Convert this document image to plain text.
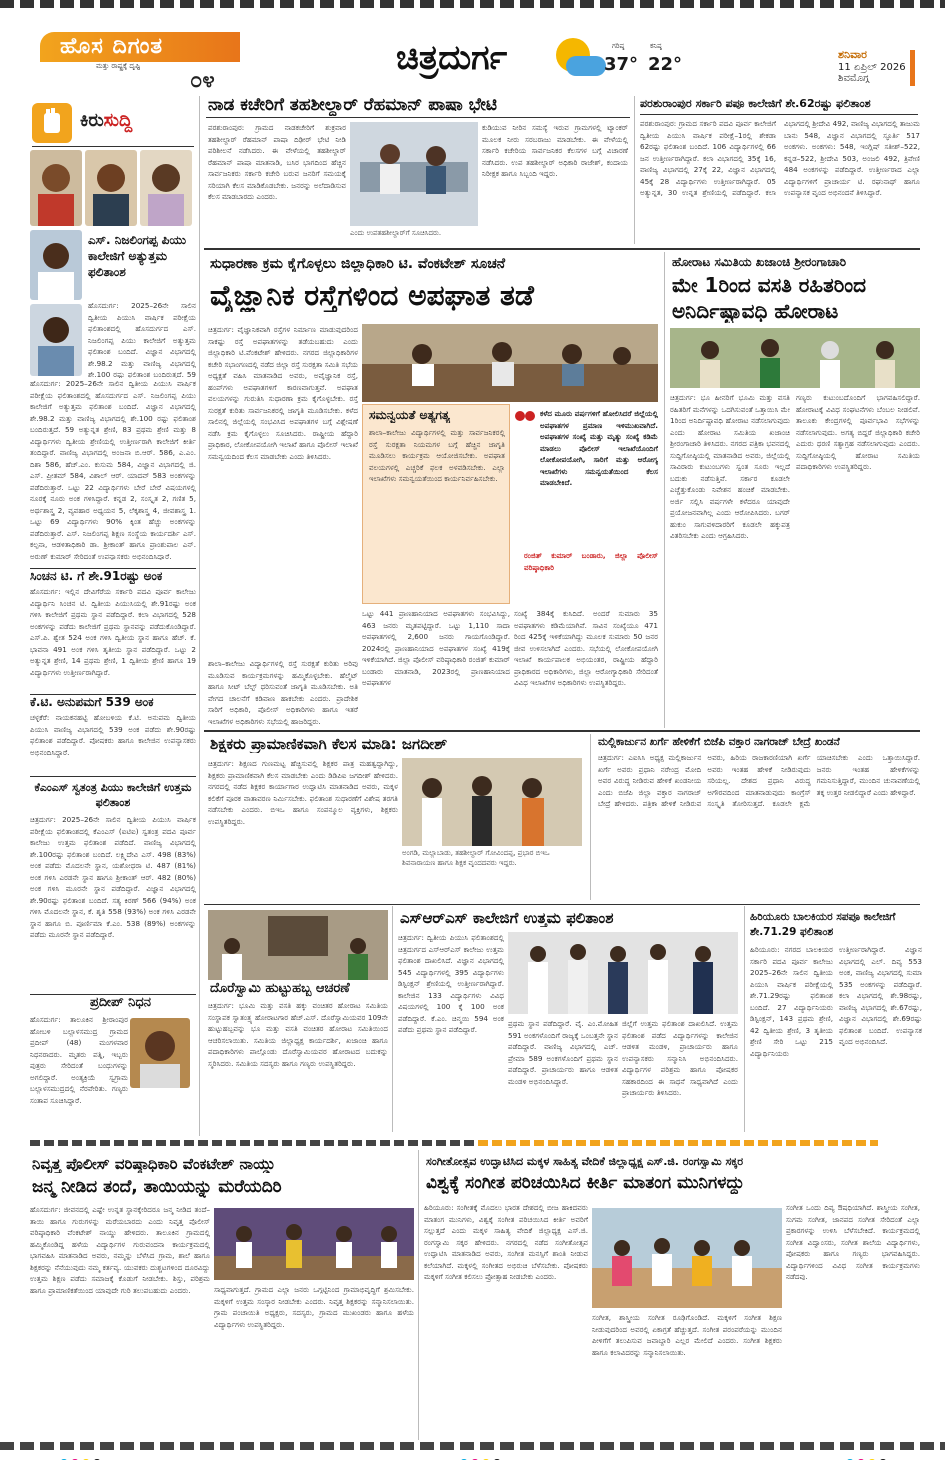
ಹೊಸ ದಿಗಂತ
ಮತ್ತು ರಾಷ್ಟ್ರಕ್ಕೆ ದೃಷ್ಟಿ
೦೪
ಚಿತ್ರದುರ್ಗ	ಗರಿಷ್ಠ
37°
ಕನಿಷ್ಠ
22°	ಶನಿವಾರ
11 ಏಪ್ರಿಲ್ 2026
ಶಿವಮೊಗ್ಗ
ಕಿರುಸುದ್ದಿ
ಎಸ್. ನಿಜಲಿಂಗಪ್ಪ ಪಿಯು ಕಾಲೇಜಿಗೆ ಅತ್ಯುತ್ತಮ ಫಲಿತಾಂಶ
ಹೊಸದುರ್ಗ: 2025–26ನೇ ಸಾಲಿನ ದ್ವಿತೀಯ ಪಿಯುಸಿ ವಾರ್ಷಿಕ ಪರೀಕ್ಷೆಯ ಫಲಿತಾಂಶದಲ್ಲಿ ಹೊಸದುರ್ಗದ ಎಸ್. ನಿಜಲಿಂಗಪ್ಪ ಪಿಯು ಕಾಲೇಜಿಗೆ ಅತ್ಯುತ್ತಮ ಫಲಿತಾಂಶ ಬಂದಿದೆ. ವಿಜ್ಞಾನ ವಿಭಾಗದಲ್ಲಿ ಶೇ.98.2 ಮತ್ತು ವಾಣಿಜ್ಯ ವಿಭಾಗದಲ್ಲಿ ಶೇ.100 ರಷ್ಟು ಫಲಿತಾಂಶ ಬಂದಿರುತ್ತದೆ. 59
ಹೊಸದುರ್ಗ: 2025–26ನೇ ಸಾಲಿನ ದ್ವಿತೀಯ ಪಿಯುಸಿ ವಾರ್ಷಿಕ ಪರೀಕ್ಷೆಯ ಫಲಿತಾಂಶದಲ್ಲಿ ಹೊಸದುರ್ಗದ ಎಸ್. ನಿಜಲಿಂಗಪ್ಪ ಪಿಯು ಕಾಲೇಜಿಗೆ ಅತ್ಯುತ್ತಮ ಫಲಿತಾಂಶ ಬಂದಿದೆ. ವಿಜ್ಞಾನ ವಿಭಾಗದಲ್ಲಿ ಶೇ.98.2 ಮತ್ತು ವಾಣಿಜ್ಯ ವಿಭಾಗದಲ್ಲಿ ಶೇ.100 ರಷ್ಟು ಫಲಿತಾಂಶ ಬಂದಿರುತ್ತದೆ. 59 ಅತ್ಯುನ್ನತ ಶ್ರೇಣಿ, 83 ಪ್ರಥಮ ಶ್ರೇಣಿ ಮತ್ತು 8 ವಿದ್ಯಾರ್ಥಿಗಳು ದ್ವಿತೀಯ ಶ್ರೇಣಿಯಲ್ಲಿ ಉತ್ತೀರ್ಣರಾಗಿ ಕಾಲೇಜಿಗೆ ಕೀರ್ತಿ ತಂದಿದ್ದಾರೆ. ವಾಣಿಜ್ಯ ವಿಭಾಗದಲ್ಲಿ ಅಂಜನಾ ಬಿ.ಆರ್. 586, ಎ.ಎಂ. ದಿಶಾ 586, ಹೆಚ್.ಎಂ. ಕುಸುಮ 584, ವಿಜ್ಞಾನ ವಿಭಾಗದಲ್ಲಿ ಜಿ. ಎಸ್. ಪ್ರೀತಮ್ 584, ವಿಶಾಲ್ ಆರ್. ಯಾದವ್ 583 ಅಂಕಗಳನ್ನು ಪಡೆದಿರುತ್ತಾರೆ. ಒಟ್ಟು 22 ವಿದ್ಯಾರ್ಥಿಗಳು ಬೇರೆ ಬೇರೆ ವಿಷಯಗಳಲ್ಲಿ ನೂರಕ್ಕೆ ನೂರು ಅಂಕ ಗಳಿಸಿದ್ದಾರೆ. ಕನ್ನಡ 2, ಸಂಸ್ಕೃತ 2, ಗಣಿತ 5, ಅರ್ಥಶಾಸ್ತ್ರ 2, ವ್ಯವಹಾರ ಅಧ್ಯಯನ 5, ಲೆಕ್ಕಶಾಸ್ತ್ರ 4, ಜೀವಶಾಸ್ತ್ರ 1. ಒಟ್ಟು 69 ವಿದ್ಯಾರ್ಥಿಗಳು 90% ಕ್ಕಿಂತ ಹೆಚ್ಚು ಅಂಕಗಳನ್ನು ಪಡೆದಿರುತ್ತಾರೆ. ಎಸ್. ನಿಜಲಿಂಗಪ್ಪ ಶಿಕ್ಷಣ ಸಂಸ್ಥೆಯ ಕಾರ್ಯದರ್ಶಿ ಎಸ್. ಕಲ್ಪನಾ, ಆಡಳಿತಾಧಿಕಾರಿ ಡಾ. ಶ್ರೀಕಾಂತ್ ಹಾಗೂ ಪ್ರಾಂಶುಪಾಲ ಎನ್. ಅರುಣ್ ಕುಮಾರ್ ಸೇರಿದಂತೆ ಉಪನ್ಯಾಸಕರು ಅಭಿನಂದಿಸಿದ್ದಾರೆ.
ಸಿಂಚನ ಟಿ. ಗೆ ಶೇ.91ರಷ್ಟು ಅಂಕ
ಹೊಸದುರ್ಗ: ಇಲ್ಲಿನ ದೇವಿಗೆರೆಯ ಸರ್ಕಾರಿ ಪದವಿ ಪೂರ್ವ ಕಾಲೇಜು ವಿದ್ಯಾರ್ಥಿನಿ ಸಿಂಚನ ಟಿ. ದ್ವಿತೀಯ ಪಿಯುಸಿಯಲ್ಲಿ ಶೇ.91ರಷ್ಟು ಅಂಕ ಗಳಿಸಿ ಕಾಲೇಜಿಗೆ ಪ್ರಥಮ ಸ್ಥಾನ ಪಡೆದಿದ್ದಾರೆ. ಕಲಾ ವಿಭಾಗದಲ್ಲಿ 528 ಅಂಕಗಳನ್ನು ಪಡೆದು ಕಾಲೇಜಿಗೆ ಪ್ರಥಮ ಸ್ಥಾನವನ್ನು ಪಡೆದುಕೊಂಡಿದ್ದಾರೆ. ಎಸ್.ಪಿ. ಶ್ವೇತ 524 ಅಂಕ ಗಳಿಸಿ ದ್ವಿತೀಯ ಸ್ಥಾನ ಹಾಗೂ ಹೆಚ್. ಕೆ. ಭಾವನಾ 491 ಅಂಕ ಗಳಿಸಿ ತೃತೀಯ ಸ್ಥಾನ ಪಡೆದಿದ್ದಾರೆ. ಒಟ್ಟು 2 ಅತ್ಯುನ್ನತ ಶ್ರೇಣಿ, 14 ಪ್ರಥಮ ಶ್ರೇಣಿ, 1 ದ್ವಿತೀಯ ಶ್ರೇಣಿ ಹಾಗೂ 19 ವಿದ್ಯಾರ್ಥಿಗಳು ಉತ್ತೀರ್ಣರಾಗಿದ್ದಾರೆ.
ಕೆ.ಟಿ. ಅನುಪಮಗೆ 539 ಅಂಕ
ಚಳ್ಳಕೆರೆ: ನಾಯಕನಹಟ್ಟಿ ಹೋಬಳಿಯ ಕೆ.ಟಿ. ಅನುಪಮ ದ್ವಿತೀಯ ಪಿಯುಸಿ ವಾಣಿಜ್ಯ ವಿಭಾಗದಲ್ಲಿ 539 ಅಂಕ ಪಡೆದು ಶೇ.90ರಷ್ಟು ಫಲಿತಾಂಶ ಪಡೆದಿದ್ದಾರೆ. ಪೋಷಕರು ಹಾಗೂ ಕಾಲೇಜಿನ ಉಪನ್ಯಾಸಕರು ಅಭಿನಂದಿಸಿದ್ದಾರೆ.
ಕೆಎಂಎಸ್ ಸ್ವತಂತ್ರ ಪಿಯು ಕಾಲೇಜಿಗೆ ಉತ್ತಮ ಫಲಿತಾಂಶ
ಚಿತ್ರದುರ್ಗ: 2025–26ನೇ ಸಾಲಿನ ದ್ವಿತೀಯ ಪಿಯುಸಿ ವಾರ್ಷಿಕ ಪರೀಕ್ಷೆಯ ಫಲಿತಾಂಶದಲ್ಲಿ ಕೆಎಂಎಸ್ (ಐಟಿಐ) ಸ್ವತಂತ್ರ ಪದವಿ ಪೂರ್ವ ಕಾಲೇಜು ಉತ್ತಮ ಫಲಿತಾಂಶ ಪಡೆದಿದೆ. ವಾಣಿಜ್ಯ ವಿಭಾಗದಲ್ಲಿ ಶೇ.100ರಷ್ಟು ಫಲಿತಾಂಶ ಬಂದಿದೆ. ಲಕ್ಷ್ಮಿದೇವಿ ಎಸ್. 498 (83%) ಅಂಕ ಪಡೆದು ಮೊದಲನೇ ಸ್ಥಾನ, ಯಶೋಧರಾ ಟಿ. 487 (81%) ಅಂಕ ಗಳಿಸಿ ಎರಡನೇ ಸ್ಥಾನ ಹಾಗೂ ಶ್ರೀಕಾಂತ್ ಆರ್. 482 (80%) ಅಂಕ ಗಳಿಸಿ ಮೂರನೇ ಸ್ಥಾನ ಪಡೆದಿದ್ದಾರೆ. ವಿಜ್ಞಾನ ವಿಭಾಗದಲ್ಲಿ ಶೇ.90ರಷ್ಟು ಫಲಿತಾಂಶ ಬಂದಿದೆ. ಸತ್ಯ ಕಿರಣ್ 566 (94%) ಅಂಕ ಗಳಿಸಿ ಮೊದಲನೇ ಸ್ಥಾನ, ಕೆ. ಶೃತಿ 558 (93%) ಅಂಕ ಗಳಿಸಿ ಎರಡನೇ ಸ್ಥಾನ ಹಾಗೂ ಬಿ. ಪೂರ್ಣಿಮಾ ಕೆ.ಎಂ. 538 (89%) ಅಂಕಗಳನ್ನು ಪಡೆದು ಮೂರನೇ ಸ್ಥಾನ ಪಡೆದಿದ್ದಾರೆ.
ಪ್ರದೀಪ್ ನಿಧನ
ಹೊಸದುರ್ಗ: ತಾಲೂಕಿನ ಶ್ರೀರಾಂಪುರ ಹೋಬಳಿ ಬಲ್ಲಾಳಸಮುದ್ರ ಗ್ರಾಮದ ಪ್ರದೀಪ್ (48) ಮಂಗಳವಾರ ನಿಧನರಾದರು. ಮೃತರು ಪತ್ನಿ, ಇಬ್ಬರು ಪುತ್ರರು ಸೇರಿದಂತೆ ಬಂಧುಗಳನ್ನು ಅಗಲಿದ್ದಾರೆ. ಅಂತ್ಯಕ್ರಿಯೆ ಸ್ವಗ್ರಾಮ ಬಲ್ಲಾಳಸಮುದ್ರದಲ್ಲಿ ನೆರವೇರಿತು. ಗಣ್ಯರು ಸಂತಾಪ ಸೂಚಿಸಿದ್ದಾರೆ.
ನಾಡ ಕಚೇರಿಗೆ ತಹಶೀಲ್ದಾರ್ ರೆಹಮಾನ್ ಪಾಷಾ ಭೇಟಿ
ಪರಶುರಾಂಪುರ: ಗ್ರಾಮದ ನಾಡಕಚೇರಿಗೆ ಶುಕ್ರವಾರ ತಹಶೀಲ್ದಾರ್ ರೆಹಮಾನ್ ಪಾಷಾ ದಿಢೀರ್ ಭೇಟಿ ನೀಡಿ ಪರಿಶೀಲನೆ ನಡೆಸಿದರು. ಈ ವೇಳೆಯಲ್ಲಿ ತಹಶೀಲ್ದಾರ್ ರೆಹಮಾನ್ ಪಾಷಾ ಮಾತನಾಡಿ, ಬಸಿರ ಭಾಗದಿಂದ ಹೆಚ್ಚಿನ ಸಾರ್ವಜನಿಕರು ಸರ್ಕಾರಿ ಕಚೇರಿ ಬರುವ ಜನರಿಗೆ ಸಮಯಕ್ಕೆ ಸರಿಯಾಗಿ ಕೆಲಸ ಮಾಡಿಕೊಡಬೇಕು. ಜನರನ್ನು ಅಲೆದಾಡಿಸುವ ಕೆಲಸ ಮಾಡಬಾರದು ಎಂದರು.
ಎಂದು ಉಪತಹಶೀಲ್ದಾರ್‌ಗೆ ಸೂಚಿಸಿದರು.
ಕುಡಿಯುವ ನೀರಿನ ಸಮಸ್ಯೆ ಇರುವ ಗ್ರಾಮಗಳಲ್ಲಿ ಟ್ಯಾಂಕರ್ ಮೂಲಕ ನೀರು ಸರಬರಾಜು ಮಾಡಬೇಕು. ಈ ವೇಳೆಯಲ್ಲಿ ಸರ್ಕಾರಿ ಕಚೇರಿಯ ಸಾರ್ವಜನಿಕರ ಕೆಲಸಗಳ ಬಗ್ಗೆ ವಿಚಾರಣೆ ನಡೆಸಿದರು. ಉಪ ತಹಶೀಲ್ದಾರ್ ಅಧಿಕಾರಿ ರಾಜೇಶ್, ಕಂದಾಯ ನಿರೀಕ್ಷಕ ಹಾಗೂ ಸಿಬ್ಬಂದಿ ಇದ್ದರು.
ಪರಶುರಾಂಪುರ ಸರ್ಕಾರಿ ಪಪೂ ಕಾಲೇಜಿಗೆ ಶೇ.62ರಷ್ಟು ಫಲಿತಾಂಶ
ಪರಶುರಾಂಪುರ: ಗ್ರಾಮದ ಸರ್ಕಾರಿ ಪದವಿ ಪೂರ್ವ ಕಾಲೇಜಿಗೆ ದ್ವಿತೀಯ ಪಿಯುಸಿ ವಾರ್ಷಿಕ ಪರೀಕ್ಷೆ–1ರಲ್ಲಿ ಶೇಕಡಾ 62ರಷ್ಟು ಫಲಿತಾಂಶ ಬಂದಿದೆ. 106 ವಿದ್ಯಾರ್ಥಿಗಳಲ್ಲಿ 66 ಜನ ಉತ್ತೀರ್ಣರಾಗಿದ್ದಾರೆ. ಕಲಾ ವಿಭಾಗದಲ್ಲಿ 35ಕ್ಕೆ 16, ವಾಣಿಜ್ಯ ವಿಭಾಗದಲ್ಲಿ 27ಕ್ಕೆ 22, ವಿಜ್ಞಾನ ವಿಭಾಗದಲ್ಲಿ 45ಕ್ಕೆ 28 ವಿದ್ಯಾರ್ಥಿಗಳು ಉತ್ತೀರ್ಣರಾಗಿದ್ದಾರೆ. 05 ಅತ್ಯುನ್ನತ, 30 ಉನ್ನತ ಶ್ರೇಣಿಯಲ್ಲಿ ಪಡೆದಿದ್ದಾರೆ. ಕಲಾ ವಿಭಾಗದಲ್ಲಿ ಶ್ರೀದೇವಿ 492, ವಾಣಿಜ್ಯ ವಿಭಾಗದಲ್ಲಿ ತಾಜುಮ ಬಾನು 548, ವಿಜ್ಞಾನ ವಿಭಾಗದಲ್ಲಿ ಸ್ಫೂರ್ತಿ 517 ಅಂಕಗಳು. ಅಂಕಗಳು: 548, ಇಂಗ್ಲಿಷ್ ಸತೀಶ್–522, ಕನ್ನಡ–522, ಶ್ರೀದೇವಿ 503, ಅಂಜಲಿ 492, ತ್ರಿವೇಣಿ 484 ಅಂಕಗಳನ್ನು ಪಡೆದಿದ್ದಾರೆ. ಉತ್ತೀರ್ಣರಾದ ಎಲ್ಲಾ ವಿದ್ಯಾರ್ಥಿಗಳಿಗೆ ಪ್ರಾಚಾರ್ಯ ಟಿ. ರಘುನಾಥ್ ಹಾಗೂ ಉಪನ್ಯಾಸಕ ವೃಂದ ಅಭಿನಂದನೆ ತಿಳಿಸಿದ್ದಾರೆ.
ಸುಧಾರಣಾ ಕ್ರಮ ಕೈಗೊಳ್ಳಲು ಜಿಲ್ಲಾಧಿಕಾರಿ ಟಿ. ವೆಂಕಟೇಶ್ ಸೂಚನೆ
ವೈಜ್ಞಾನಿಕ ರಸ್ತೆಗಳಿಂದ ಅಪಘಾತ ತಡೆ
ಚಿತ್ರದುರ್ಗ: ವೈಜ್ಞಾನಿಕವಾಗಿ ರಸ್ತೆಗಳ ನಿರ್ಮಾಣ ಮಾಡುವುದರಿಂದ ಸಾಕಷ್ಟು ರಸ್ತೆ ಅಪಘಾತಗಳನ್ನು ತಡೆಯಬಹುದು ಎಂದು ಜಿಲ್ಲಾಧಿಕಾರಿ ಟಿ.ವೆಂಕಟೇಶ್ ಹೇಳಿದರು. ನಗರದ ಜಿಲ್ಲಾಧಿಕಾರಿಗಳ ಕಚೇರಿ ಸಭಾಂಗಣದಲ್ಲಿ ನಡೆದ ಜಿಲ್ಲಾ ರಸ್ತೆ ಸುರಕ್ಷತಾ ಸಮಿತಿ ಸಭೆಯ ಅಧ್ಯಕ್ಷತೆ ವಹಿಸಿ ಮಾತನಾಡಿದ ಅವರು, ಅವೈಜ್ಞಾನಿಕ ರಸ್ತೆ, ಹಂಪ್‌ಗಳು ಅಪಘಾತಗಳಿಗೆ ಕಾರಣವಾಗುತ್ತವೆ. ಅಪಘಾತ ವಲಯಗಳನ್ನು ಗುರುತಿಸಿ ಸುಧಾರಣಾ ಕ್ರಮ ಕೈಗೊಳ್ಳಬೇಕು. ರಸ್ತೆ ಸುರಕ್ಷತೆ ಕುರಿತು ಸಾರ್ವಜನಿಕರಲ್ಲಿ ಜಾಗೃತಿ ಮೂಡಿಸಬೇಕು. ಕಳೆದ ಸಾಲಿನಲ್ಲಿ ಜಿಲ್ಲೆಯಲ್ಲಿ ಸಂಭವಿಸಿದ ಅಪಘಾತಗಳ ಬಗ್ಗೆ ವಿಶ್ಲೇಷಣೆ ನಡೆಸಿ ಕ್ರಮ ಕೈಗೊಳ್ಳಲು ಸೂಚಿಸಿದರು. ರಾಷ್ಟ್ರೀಯ ಹೆದ್ದಾರಿ ಪ್ರಾಧಿಕಾರ, ಲೋಕೋಪಯೋಗಿ ಇಲಾಖೆ ಹಾಗೂ ಪೊಲೀಸ್ ಇಲಾಖೆ ಸಮನ್ವಯದಿಂದ ಕೆಲಸ ಮಾಡಬೇಕು ಎಂದು ತಿಳಿಸಿದರು.
ಸಮನ್ವಯತೆ ಅತ್ಯಗತ್ಯ
ಶಾಲಾ–ಕಾಲೇಜು ವಿದ್ಯಾರ್ಥಿಗಳಲ್ಲಿ ಮತ್ತು ಸಾರ್ವಜನಿಕರಲ್ಲಿ ರಸ್ತೆ ಸುರಕ್ಷತಾ ನಿಯಮಗಳ ಬಗ್ಗೆ ಹೆಚ್ಚಿನ ಜಾಗೃತಿ ಮೂಡಿಸಲು ಕಾರ್ಯಕ್ರಮ ಆಯೋಜಿಸಬೇಕು. ಅಪಘಾತ ವಲಯಗಳಲ್ಲಿ ಎಚ್ಚರಿಕೆ ಫಲಕ ಅಳವಡಿಸಬೇಕು. ಎಲ್ಲಾ ಇಲಾಖೆಗಳು ಸಮನ್ವಯತೆಯಿಂದ ಕಾರ್ಯನಿರ್ವಹಿಸಬೇಕು.
ಕಳೆದ ಮೂರು ವರ್ಷಗಳಿಗೆ ಹೋಲಿಸಿದರೆ ಜಿಲ್ಲೆಯಲ್ಲಿ ಅಪಘಾತಗಳ ಪ್ರಮಾಣ ಇಳಿಮುಖವಾಗಿದೆ. ಅಪಘಾತಗಳ ಸಂಖ್ಯೆ ಮತ್ತು ಮೃತ್ಯು ಸಂಖ್ಯೆ ಕಡಿಮೆ ಮಾಡಲು ಪೊಲೀಸ್ ಇಲಾಖೆಯೊಂದಿಗೆ ಲೋಕೋಪಯೋಗಿ, ಸಾರಿಗೆ ಮತ್ತು ಆರೋಗ್ಯ ಇಲಾಖೆಗಳು ಸಮನ್ವಯತೆಯಿಂದ ಕೆಲಸ ಮಾಡಬೇಕಿದೆ.
ರಂಜಿತ್ ಕುಮಾರ್ ಬಂಡಾರು, ಜಿಲ್ಲಾ ಪೊಲೀಸ್ ವರಿಷ್ಠಾಧಿಕಾರಿ
ಒಟ್ಟು 441 ಪ್ರಾಣಹಾನಿಯಾದ ಅಪಘಾತಗಳು ಸಂಭವಿಸಿದ್ದು, 463 ಜನರು ಮೃತಪಟ್ಟಿದ್ದಾರೆ. ಒಟ್ಟು 1,110 ಸಾದಾ ಅಪಘಾತಗಳಲ್ಲಿ 2,600 ಜನರು ಗಾಯಗೊಂಡಿದ್ದಾರೆ. 2024ರಲ್ಲಿ ಪ್ರಾಣಹಾನಿಯಾದ ಅಪಘಾತಗಳ ಸಂಖ್ಯೆ 419ಕ್ಕೆ ಇಳಿಕೆಯಾಗಿದೆ. ಜಿಲ್ಲಾ ಪೊಲೀಸ್ ವರಿಷ್ಠಾಧಿಕಾರಿ ರಂಜಿತ್ ಕುಮಾರ್ ಬಂಡಾರು ಮಾತನಾಡಿ, 2023ರಲ್ಲಿ ಪ್ರಾಣಹಾನಿಯಾದ ಅಪಘಾತಗಳ
ಸಂಖ್ಯೆ 384ಕ್ಕೆ ಕುಸಿದಿದೆ. ಅಂದರೆ ಸುಮಾರು 35 ಅಪಘಾತಗಳು ಕಡಿಮೆಯಾಗಿವೆ. ಸಾವಿನ ಸಂಖ್ಯೆಯೂ 471 ರಿಂದ 425ಕ್ಕೆ ಇಳಿಕೆಯಾಗಿದ್ದು ಮೂಲಕ ಸುಮಾರು 50 ಜನರ ಜೀವ ಉಳಿಸಲಾಗಿದೆ ಎಂದರು. ಸಭೆಯಲ್ಲಿ ಲೋಕೋಪಯೋಗಿ ಇಲಾಖೆ ಕಾರ್ಯಪಾಲಕ ಅಭಿಯಂತರ, ರಾಷ್ಟ್ರೀಯ ಹೆದ್ದಾರಿ ಪ್ರಾಧಿಕಾರದ ಅಧಿಕಾರಿಗಳು, ಜಿಲ್ಲಾ ಆರೋಗ್ಯಾಧಿಕಾರಿ ಸೇರಿದಂತೆ ವಿವಿಧ ಇಲಾಖೆಗಳ ಅಧಿಕಾರಿಗಳು ಉಪಸ್ಥಿತರಿದ್ದರು.
ಶಾಲಾ–ಕಾಲೇಜು ವಿದ್ಯಾರ್ಥಿಗಳಲ್ಲಿ ರಸ್ತೆ ಸುರಕ್ಷತೆ ಕುರಿತು ಅರಿವು ಮೂಡಿಸುವ ಕಾರ್ಯಕ್ರಮಗಳನ್ನು ಹಮ್ಮಿಕೊಳ್ಳಬೇಕು. ಹೆಲ್ಮೆಟ್ ಹಾಗೂ ಸೀಟ್ ಬೆಲ್ಟ್ ಧರಿಸುವಂತೆ ಜಾಗೃತಿ ಮೂಡಿಸಬೇಕು. ಅತಿ ವೇಗದ ಚಾಲನೆಗೆ ಕಡಿವಾಣ ಹಾಕಬೇಕು ಎಂದರು. ಪ್ರಾದೇಶಿಕ ಸಾರಿಗೆ ಅಧಿಕಾರಿ, ಪೊಲೀಸ್ ಅಧಿಕಾರಿಗಳು ಹಾಗೂ ಇತರೆ ಇಲಾಖೆಗಳ ಅಧಿಕಾರಿಗಳು ಸಭೆಯಲ್ಲಿ ಹಾಜರಿದ್ದರು.
ಹೋರಾಟ ಸಮಿತಿಯ ಖಜಾಂಚಿ ಶ್ರೀರಂಗಾಚಾರಿ
ಮೇ 1ರಿಂದ ವಸತಿ ರಹಿತರಿಂದ
ಅನಿರ್ದಿಷ್ಟಾವಧಿ ಹೋರಾಟ
ಚಿತ್ರದುರ್ಗ: ಭೂ ಹೀನರಿಗೆ ಭೂಮಿ ಮತ್ತು ವಸತಿ ರಹಿತರಿಗೆ ಮನೆಗಳನ್ನು ಒದಗಿಸುವಂತೆ ಒತ್ತಾಯಿಸಿ ಮೇ 1ರಿಂದ ಅನಿರ್ದಿಷ್ಟಾವಧಿ ಹೋರಾಟ ನಡೆಸಲಾಗುವುದು ಎಂದು ಹೋರಾಟ ಸಮಿತಿಯ ಖಜಾಂಚಿ ಶ್ರೀರಂಗಾಚಾರಿ ತಿಳಿಸಿದರು. ನಗರದ ಪತ್ರಿಕಾ ಭವನದಲ್ಲಿ ಸುದ್ದಿಗೋಷ್ಠಿಯಲ್ಲಿ ಮಾತನಾಡಿದ ಅವರು, ಜಿಲ್ಲೆಯಲ್ಲಿ ಸಾವಿರಾರು ಕುಟುಂಬಗಳು ಸ್ವಂತ ಸೂರು ಇಲ್ಲದೆ ಬದುಕು ನಡೆಸುತ್ತಿವೆ. ಸರ್ಕಾರ ಕೂಡಲೇ ಎಚ್ಚೆತ್ತುಕೊಂಡು ನಿವೇಶನ ಹಂಚಿಕೆ ಮಾಡಬೇಕು. ಅರ್ಜಿ ಸಲ್ಲಿಸಿ ವರ್ಷಗಳೇ ಕಳೆದರೂ ಯಾವುದೇ ಪ್ರಯೋಜನವಾಗಿಲ್ಲ ಎಂದು ಆರೋಪಿಸಿದರು. ಬಗರ್ ಹುಕುಂ ಸಾಗುವಳಿದಾರರಿಗೆ ಕೂಡಲೇ ಹಕ್ಕುಪತ್ರ ವಿತರಿಸಬೇಕು ಎಂದು ಆಗ್ರಹಿಸಿದರು.
ಗಣ್ಯರು ಕುಟುಂಬದೊಂದಿಗೆ ಭಾಗವಹಿಸಲಿದ್ದಾರೆ. ಹೋರಾಟಕ್ಕೆ ವಿವಿಧ ಸಂಘಟನೆಗಳು ಬೆಂಬಲ ನೀಡಲಿವೆ. ತಾಲೂಕು ಕೇಂದ್ರಗಳಲ್ಲಿ ಪೂರ್ವಭಾವಿ ಸಭೆಗಳನ್ನು ನಡೆಸಲಾಗುವುದು. ಅಗತ್ಯ ಬಿದ್ದರೆ ಜಿಲ್ಲಾಧಿಕಾರಿ ಕಚೇರಿ ಎದುರು ಧರಣಿ ಸತ್ಯಾಗ್ರಹ ನಡೆಸಲಾಗುವುದು ಎಂದರು. ಸುದ್ದಿಗೋಷ್ಠಿಯಲ್ಲಿ ಹೋರಾಟ ಸಮಿತಿಯ ಪದಾಧಿಕಾರಿಗಳು ಉಪಸ್ಥಿತರಿದ್ದರು.
ಶಿಕ್ಷಕರು ಪ್ರಾಮಾಣಿಕವಾಗಿ ಕೆಲಸ ಮಾಡಿ: ಜಗದೀಶ್
ಚಿತ್ರದುರ್ಗ: ಶಿಕ್ಷಣದ ಗುಣಮಟ್ಟ ಹೆಚ್ಚಿಸುವಲ್ಲಿ ಶಿಕ್ಷಕರ ಪಾತ್ರ ಮಹತ್ವದ್ದಾಗಿದ್ದು, ಶಿಕ್ಷಕರು ಪ್ರಾಮಾಣಿಕವಾಗಿ ಕೆಲಸ ಮಾಡಬೇಕು ಎಂದು ಡಿಡಿಪಿಐ ಜಗದೀಶ್ ಹೇಳಿದರು. ನಗರದಲ್ಲಿ ನಡೆದ ಶಿಕ್ಷಕರ ಕಾರ್ಯಾಗಾರ ಉದ್ಘಾಟಿಸಿ ಮಾತನಾಡಿದ ಅವರು, ಮಕ್ಕಳ ಕಲಿಕೆಗೆ ಪೂರಕ ವಾತಾವರಣ ನಿರ್ಮಿಸಬೇಕು. ಫಲಿತಾಂಶ ಸುಧಾರಣೆಗೆ ವಿಶೇಷ ತರಗತಿ ನಡೆಸಬೇಕು ಎಂದರು. ಬಿಇಒ ಹಾಗೂ ಸಂಪನ್ಮೂಲ ವ್ಯಕ್ತಿಗಳು, ಶಿಕ್ಷಕರು ಉಪಸ್ಥಿತರಿದ್ದರು.
ಅಂಗಡಿ, ಮಲ್ಲಾಬಾಡು, ತಹಶೀಲ್ದಾರ್ ಗೋವಿಂದಪ್ಪ, ಪ್ರಭಾರ ಬಿಇಒ ಶಿವನಾರಾಯಣ ಹಾಗೂ ಶಿಕ್ಷಕ ವೃಂದದವರು ಇದ್ದರು.
ಮಲ್ಲಿಕಾರ್ಜುನ ಖರ್ಗೆ ಹೇಳಿಕೆಗೆ ಬಿಜೆಪಿ ವಕ್ತಾರ ನಾಗರಾಜ್ ಬೇದ್ರೆ ಖಂಡನೆ
ಚಿತ್ರದುರ್ಗ: ಎಐಸಿಸಿ ಅಧ್ಯಕ್ಷ ಮಲ್ಲಿಕಾರ್ಜುನ ಖರ್ಗೆ ಅವರು ಪ್ರಧಾನಿ ನರೇಂದ್ರ ಮೋದಿ ಅವರ ವಿರುದ್ಧ ನೀಡಿರುವ ಹೇಳಿಕೆ ಖಂಡನೀಯ ಎಂದು ಬಿಜೆಪಿ ಜಿಲ್ಲಾ ವಕ್ತಾರ ನಾಗರಾಜ್ ಬೇದ್ರೆ ಹೇಳಿದರು. ಪತ್ರಿಕಾ ಹೇಳಿಕೆ ನೀಡಿರುವ ಅವರು, ಹಿರಿಯ ರಾಜಕಾರಣಿಯಾಗಿ ಖರ್ಗೆ ಅವರು ಇಂತಹ ಹೇಳಿಕೆ ನೀಡಿರುವುದು ಸರಿಯಲ್ಲ. ದೇಶದ ಪ್ರಧಾನಿ ವಿರುದ್ಧ ಅಗೌರವದಿಂದ ಮಾತನಾಡುವುದು ಕಾಂಗ್ರೆಸ್ ಸಂಸ್ಕೃತಿ ತೋರಿಸುತ್ತದೆ. ಕೂಡಲೇ ಕ್ಷಮೆ ಯಾಚಿಸಬೇಕು ಎಂದು ಒತ್ತಾಯಿಸಿದ್ದಾರೆ. ಜನರು ಇಂತಹ ಹೇಳಿಕೆಗಳನ್ನು ಗಮನಿಸುತ್ತಿದ್ದಾರೆ, ಮುಂದಿನ ಚುನಾವಣೆಯಲ್ಲಿ ತಕ್ಕ ಉತ್ತರ ನೀಡಲಿದ್ದಾರೆ ಎಂದು ಹೇಳಿದ್ದಾರೆ.
ದೊರೆಸ್ವಾಮಿ ಹುಟ್ಟುಹಬ್ಬ ಆಚರಣೆ
ಚಿತ್ರದುರ್ಗ: ಭೂಮಿ ಮತ್ತು ವಸತಿ ಹಕ್ಕು ವಂಚಿತರ ಹೋರಾಟ ಸಮಿತಿಯ ಸಂಸ್ಥಾಪಕ ಸ್ವಾತಂತ್ರ್ಯ ಹೋರಾಟಗಾರ ಹೆಚ್.ಎಸ್. ದೊರೆಸ್ವಾಮಿಯವರ 109ನೇ ಹುಟ್ಟುಹಬ್ಬವನ್ನು ಭೂ ಮತ್ತು ವಸತಿ ವಂಚಿತರ ಹೋರಾಟ ಸಮಿತಿಯಿಂದ ಆಚರಿಸಲಾಯಿತು. ಸಮಿತಿಯ ಜಿಲ್ಲಾಧ್ಯಕ್ಷ ಕಾರ್ಯದರ್ಶಿ, ಖಜಾಂಚಿ ಹಾಗೂ ಪದಾಧಿಕಾರಿಗಳು ಪಾಲ್ಗೊಂಡು ದೊರೆಸ್ವಾಮಿಯವರ ಹೋರಾಟದ ಬದುಕನ್ನು ಸ್ಮರಿಸಿದರು. ಸಮಿತಿಯ ಸದಸ್ಯರು ಹಾಗೂ ಗಣ್ಯರು ಉಪಸ್ಥಿತರಿದ್ದರು.
ಎಸ್‌ಆರ್‌ಎಸ್ ಕಾಲೇಜಿಗೆ ಉತ್ತಮ ಫಲಿತಾಂಶ
ಚಿತ್ರದುರ್ಗ: ದ್ವಿತೀಯ ಪಿಯುಸಿ ಫಲಿತಾಂಶದಲ್ಲಿ ಚಿತ್ರದುರ್ಗದ ಎಸ್‌ಆರ್‌ಎಸ್ ಕಾಲೇಜು ಉತ್ತಮ ಫಲಿತಾಂಶ ದಾಖಲಿಸಿದೆ. ವಿಜ್ಞಾನ ವಿಭಾಗದಲ್ಲಿ 545 ವಿದ್ಯಾರ್ಥಿಗಳಲ್ಲಿ 395 ವಿದ್ಯಾರ್ಥಿಗಳು ಡಿಸ್ಟಿಂಕ್ಷನ್ ಶ್ರೇಣಿಯಲ್ಲಿ ಉತ್ತೀರ್ಣರಾಗಿದ್ದಾರೆ. ಕಾಲೇಜಿನ 133 ವಿದ್ಯಾರ್ಥಿಗಳು ವಿವಿಧ ವಿಷಯಗಳಲ್ಲಿ 100 ಕ್ಕೆ 100 ಅಂಕ ಪಡೆದಿದ್ದಾರೆ. ಕೆ.ಎಂ. ಚಿನ್ಮಯಿ 594 ಅಂಕ ಪಡೆದು ಪ್ರಥಮ ಸ್ಥಾನ ಪಡೆದಿದ್ದಾರೆ.
ಪ್ರಥಮ ಸ್ಥಾನ ಪಡೆದಿದ್ದಾರೆ. ವೈ. ಎಂ.ಮೋಹಿತ 591 ಅಂಕಗಳೊಂದಿಗೆ ರಾಜ್ಯಕ್ಕೆ ಒಂಬತ್ತನೇ ಸ್ಥಾನ ಪಡೆದಿದ್ದಾರೆ. ವಾಣಿಜ್ಯ ವಿಭಾಗದಲ್ಲಿ ಎಚ್. ಪ್ರೇಮಾ 589 ಅಂಕಗಳೊಂದಿಗೆ ಪ್ರಥಮ ಸ್ಥಾನ ಪಡೆದಿದ್ದಾರೆ. ಪ್ರಾಚಾರ್ಯರು ಹಾಗೂ ಆಡಳಿತ ಮಂಡಳಿ ಅಭಿನಂದಿಸಿದ್ದಾರೆ.
ಜಿಲ್ಲೆಗೆ ಉತ್ತಮ ಫಲಿತಾಂಶ ದಾಖಲಿಸಿದೆ. ಉತ್ತಮ ಫಲಿತಾಂಶ ಪಡೆದ ವಿದ್ಯಾರ್ಥಿಗಳನ್ನು ಕಾಲೇಜಿನ ಆಡಳಿತ ಮಂಡಳಿ, ಪ್ರಾಚಾರ್ಯರು ಹಾಗೂ ಉಪನ್ಯಾಸಕರು ಸನ್ಮಾನಿಸಿ ಅಭಿನಂದಿಸಿದರು. ವಿದ್ಯಾರ್ಥಿಗಳ ಪರಿಶ್ರಮ ಹಾಗೂ ಪೋಷಕರ ಸಹಕಾರದಿಂದ ಈ ಸಾಧನೆ ಸಾಧ್ಯವಾಗಿದೆ ಎಂದು ಪ್ರಾಚಾರ್ಯರು ತಿಳಿಸಿದರು.
ಹಿರಿಯೂರು ಬಾಲಕಿಯರ ಸಪಪೂ ಕಾಲೇಜಿಗೆ ಶೇ.71.29 ಫಲಿತಾಂಶ
ಹಿರಿಯೂರು: ನಗರದ ಬಾಲಕಿಯರ ಸರ್ಕಾರಿ ಪದವಿ ಪೂರ್ವ ಕಾಲೇಜು 2025–26ನೇ ಸಾಲಿನ ದ್ವಿತೀಯ ಪಿಯುಸಿ ವಾರ್ಷಿಕ ಪರೀಕ್ಷೆಯಲ್ಲಿ ಶೇ.71.29ರಷ್ಟು ಫಲಿತಾಂಶ ಬಂದಿದೆ. 27 ವಿದ್ಯಾರ್ಥಿನಿಯರು ಡಿಸ್ಟಿಂಕ್ಷನ್, 143 ಪ್ರಥಮ ಶ್ರೇಣಿ, 42 ದ್ವಿತೀಯ ಶ್ರೇಣಿ, 3 ತೃತೀಯ ಶ್ರೇಣಿ ಸೇರಿ ಒಟ್ಟು 215 ವಿದ್ಯಾರ್ಥಿನಿಯರು ಉತ್ತೀರ್ಣರಾಗಿದ್ದಾರೆ. ವಿಜ್ಞಾನ ವಿಭಾಗದಲ್ಲಿ ಎಲ್. ದಿವ್ಯ 553 ಅಂಕ, ವಾಣಿಜ್ಯ ವಿಭಾಗದಲ್ಲಿ ಸುಮಾ 535 ಅಂಕಗಳನ್ನು ಪಡೆದಿದ್ದಾರೆ. ಕಲಾ ವಿಭಾಗದಲ್ಲಿ ಶೇ.98ರಷ್ಟು, ವಾಣಿಜ್ಯ ವಿಭಾಗದಲ್ಲಿ ಶೇ.67ರಷ್ಟು, ವಿಜ್ಞಾನ ವಿಭಾಗದಲ್ಲಿ ಶೇ.69ರಷ್ಟು ಫಲಿತಾಂಶ ಬಂದಿದೆ. ಉಪನ್ಯಾಸಕ ವೃಂದ ಅಭಿನಂದಿಸಿದೆ.
ನಿವೃತ್ತ ಪೊಲೀಸ್ ವರಿಷ್ಠಾಧಿಕಾರಿ ವೆಂಕಟೇಶ್ ನಾಯ್ಡು
ಜನ್ಮ ನೀಡಿದ ತಂದೆ, ತಾಯಿಯನ್ನು ಮರೆಯದಿರಿ
ಹೊಸದುರ್ಗ: ಜೀವನದಲ್ಲಿ ಎಷ್ಟೇ ಉನ್ನತ ಸ್ಥಾನಕ್ಕೇರಿದರೂ ಜನ್ಮ ನೀಡಿದ ತಂದೆ–ತಾಯಿ ಹಾಗೂ ಗುರುಗಳನ್ನು ಮರೆಯಬಾರದು ಎಂದು ನಿವೃತ್ತ ಪೊಲೀಸ್ ವರಿಷ್ಠಾಧಿಕಾರಿ ವೆಂಕಟೇಶ್ ನಾಯ್ಡು ಹೇಳಿದರು. ತಾಲೂಕಿನ ಗ್ರಾಮದಲ್ಲಿ ಹಮ್ಮಿಕೊಂಡಿದ್ದ ಹಳೆಯ ವಿದ್ಯಾರ್ಥಿಗಳ ಗುರುವಂದನಾ ಕಾರ್ಯಕ್ರಮದಲ್ಲಿ ಭಾಗವಹಿಸಿ ಮಾತನಾಡಿದ ಅವರು, ನಮ್ಮನ್ನು ಬೆಳೆಸಿದ ಗ್ರಾಮ, ಶಾಲೆ ಹಾಗೂ ಶಿಕ್ಷಕರನ್ನು ನೆನೆಯುವುದು ನಮ್ಮ ಕರ್ತವ್ಯ. ಯುವಕರು ದುಶ್ಚಟಗಳಿಂದ ದೂರವಿದ್ದು ಉತ್ತಮ ಶಿಕ್ಷಣ ಪಡೆದು ಸಮಾಜಕ್ಕೆ ಕೊಡುಗೆ ನೀಡಬೇಕು. ಶಿಸ್ತು, ಪರಿಶ್ರಮ ಹಾಗೂ ಪ್ರಾಮಾಣಿಕತೆಯಿಂದ ಯಾವುದೇ ಗುರಿ ತಲುಪಬಹುದು ಎಂದರು.	ಸಾಧ್ಯವಾಗುತ್ತದೆ. ಗ್ರಾಮದ ಎಲ್ಲಾ ಜನರು ಒಗ್ಗಟ್ಟಿನಿಂದ ಗ್ರಾಮಾಭಿವೃದ್ಧಿಗೆ ಶ್ರಮಿಸಬೇಕು. ಮಕ್ಕಳಿಗೆ ಉತ್ತಮ ಸಂಸ್ಕಾರ ನೀಡಬೇಕು ಎಂದರು. ನಿವೃತ್ತ ಶಿಕ್ಷಕರನ್ನು ಸನ್ಮಾನಿಸಲಾಯಿತು. ಗ್ರಾಮ ಪಂಚಾಯಿತಿ ಅಧ್ಯಕ್ಷರು, ಸದಸ್ಯರು, ಗ್ರಾಮದ ಮುಖಂಡರು ಹಾಗೂ ಹಳೆಯ ವಿದ್ಯಾರ್ಥಿಗಳು ಉಪಸ್ಥಿತರಿದ್ದರು.
ಸಂಗೀತೋತ್ಸವ ಉದ್ಘಾಟಿಸಿದ ಮಕ್ಕಳ ಸಾಹಿತ್ಯ ವೇದಿಕೆ ಜಿಲ್ಲಾಧ್ಯಕ್ಷ ಎಸ್.ಜಿ. ರಂಗಸ್ವಾಮಿ ಸಕ್ಕರ
ವಿಶ್ವಕ್ಕೆ ಸಂಗೀತ ಪರಿಚಯಿಸಿದ ಕೀರ್ತಿ ಮಾತಂಗ ಮುನಿಗಳದ್ದು
ಹಿರಿಯೂರು: ಸಂಗೀತಕ್ಕೆ ಮೊದಲು ಭಾರತ ದೇಶದಲ್ಲಿ ಬೀಜ ಹಾಕಿದವರು ಮಾತಂಗ ಮುನಿಗಳು, ವಿಶ್ವಕ್ಕೆ ಸಂಗೀತ ಪರಿಚಯಿಸಿದ ಕೀರ್ತಿ ಅವರಿಗೆ ಸಲ್ಲುತ್ತದೆ ಎಂದು ಮಕ್ಕಳ ಸಾಹಿತ್ಯ ವೇದಿಕೆ ಜಿಲ್ಲಾಧ್ಯಕ್ಷ ಎಸ್.ಜಿ. ರಂಗಸ್ವಾಮಿ ಸಕ್ಕರ ಹೇಳಿದರು. ನಗರದಲ್ಲಿ ನಡೆದ ಸಂಗೀತೋತ್ಸವ ಉದ್ಘಾಟಿಸಿ ಮಾತನಾಡಿದ ಅವರು, ಸಂಗೀತ ಮನಸ್ಸಿಗೆ ಶಾಂತಿ ನೀಡುವ ಕಲೆಯಾಗಿದೆ. ಮಕ್ಕಳಲ್ಲಿ ಸಂಗೀತದ ಅಭಿರುಚಿ ಬೆಳೆಸಬೇಕು. ಪೋಷಕರು ಮಕ್ಕಳಿಗೆ ಸಂಗೀತ ಕಲಿಸಲು ಪ್ರೋತ್ಸಾಹ ನೀಡಬೇಕು ಎಂದರು.
ಸಂಗೀತ, ಶಾಸ್ತ್ರೀಯ ಸಂಗೀತ ರೂಢಿಗೊಂಡಿದೆ. ಮಕ್ಕಳಿಗೆ ಸಂಗೀತ ಶಿಕ್ಷಣ ನೀಡುವುದರಿಂದ ಅವರಲ್ಲಿ ಏಕಾಗ್ರತೆ ಹೆಚ್ಚುತ್ತದೆ. ಸಂಗೀತ ಪರಂಪರೆಯನ್ನು ಮುಂದಿನ ಪೀಳಿಗೆಗೆ ತಲುಪಿಸುವ ಜವಾಬ್ದಾರಿ ಎಲ್ಲರ ಮೇಲಿದೆ ಎಂದರು. ಸಂಗೀತ ಶಿಕ್ಷಕರು ಹಾಗೂ ಕಲಾವಿದರನ್ನು ಸನ್ಮಾನಿಸಲಾಯಿತು.
ಸಂಗೀತ ಒಂದು ದಿವ್ಯ ಔಷಧಿಯಾಗಿದೆ. ಶಾಸ್ತ್ರೀಯ ಸಂಗೀತ, ಸುಗಮ ಸಂಗೀತ, ಜಾನಪದ ಸಂಗೀತ ಸೇರಿದಂತೆ ಎಲ್ಲಾ ಪ್ರಕಾರಗಳನ್ನು ಉಳಿಸಿ ಬೆಳೆಸಬೇಕಿದೆ. ಕಾರ್ಯಕ್ರಮದಲ್ಲಿ ಸಂಗೀತ ವಿದ್ವಾಂಸರು, ಸಂಗೀತ ಶಾಲೆಯ ವಿದ್ಯಾರ್ಥಿಗಳು, ಪೋಷಕರು ಹಾಗೂ ಗಣ್ಯರು ಭಾಗವಹಿಸಿದ್ದರು. ವಿದ್ಯಾರ್ಥಿಗಳಿಂದ ವಿವಿಧ ಸಂಗೀತ ಕಾರ್ಯಕ್ರಮಗಳು ನಡೆದವು.
